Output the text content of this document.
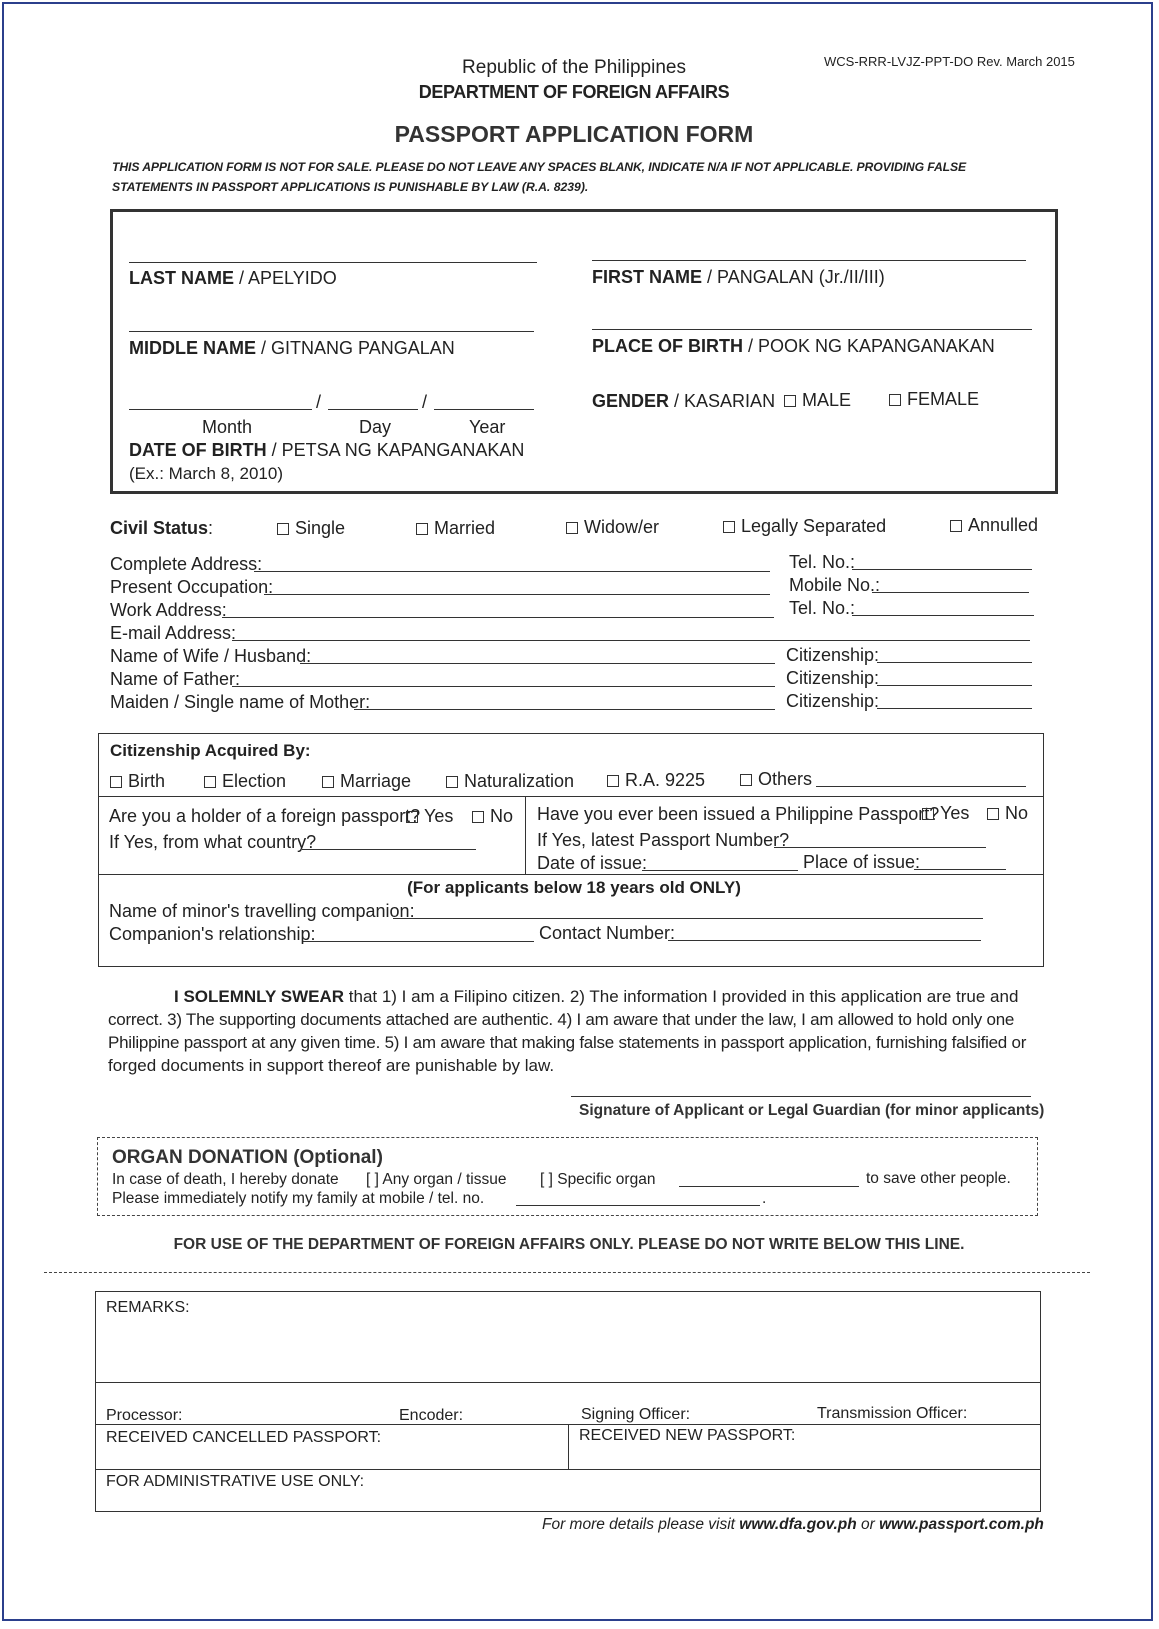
Republic of the Philippines
DEPARTMENT OF FOREIGN AFFAIRS
WCS-RRR-LVJZ-PPT-DO Rev. March 2015
PASSPORT APPLICATION FORM
THIS APPLICATION FORM IS NOT FOR SALE. PLEASE DO NOT LEAVE ANY SPACES BLANK, INDICATE N/A IF NOT APPLICABLE. PROVIDING FALSE
STATEMENTS IN PASSPORT APPLICATIONS IS PUNISHABLE BY LAW (R.A. 8239).
LAST NAME / APELYIDO	FIRST NAME / PANGALAN (Jr./II/III)
MIDDLE NAME / GITNANG PANGALAN	PLACE OF BIRTH / POOK NG KAPANGANAKAN
/	/
Month	Day	Year
DATE OF BIRTH / PETSA NG KAPANGANAKAN
(Ex.: March 8, 2010)
GENDER / KASARIAN	MALE	FEMALE
Civil Status:	Single	Married	Widow/er	Legally Separated	Annulled
Complete Address:	Tel. No.:
Present Occupation:	Mobile No.:
Work Address:	Tel. No.:
E-mail Address:
Name of Wife / Husband:	Citizenship:
Name of Father:	Citizenship:
Maiden / Single name of Mother:	Citizenship:
Citizenship Acquired By:
Birth	Election	Marriage	Naturalization	R.A. 9225	Others
Are you a holder of a foreign passport? Yes	No
If Yes, from what country?
Have you ever been issued a Philippine Passport? Yes	No
If Yes, latest Passport Number?
Date of issue:	Place of issue:
(For applicants below 18 years old ONLY)
Name of minor's travelling companion:
Companion's relationship:	Contact Number:
I SOLEMNLY SWEAR that 1) I am a Filipino citizen. 2) The information I provided in this application are true and
correct. 3) The supporting documents attached are authentic. 4) I am aware that under the law, I am allowed to hold only one
Philippine passport at any given time. 5) I am aware that making false statements in passport application, furnishing falsified or
forged documents in support thereof are punishable by law.
Signature of Applicant or Legal Guardian (for minor applicants)
ORGAN DONATION (Optional)
In case of death, I hereby donate [ ] Any organ / tissue [ ] Specific organ	to save other people.
Please immediately notify my family at mobile / tel. no.	.
FOR USE OF THE DEPARTMENT OF FOREIGN AFFAIRS ONLY. PLEASE DO NOT WRITE BELOW THIS LINE.
REMARKS:
Processor:	Encoder:	Signing Officer:	Transmission Officer:
RECEIVED CANCELLED PASSPORT:	RECEIVED NEW PASSPORT:
FOR ADMINISTRATIVE USE ONLY:
For more details please visit www.dfa.gov.ph or www.passport.com.ph
